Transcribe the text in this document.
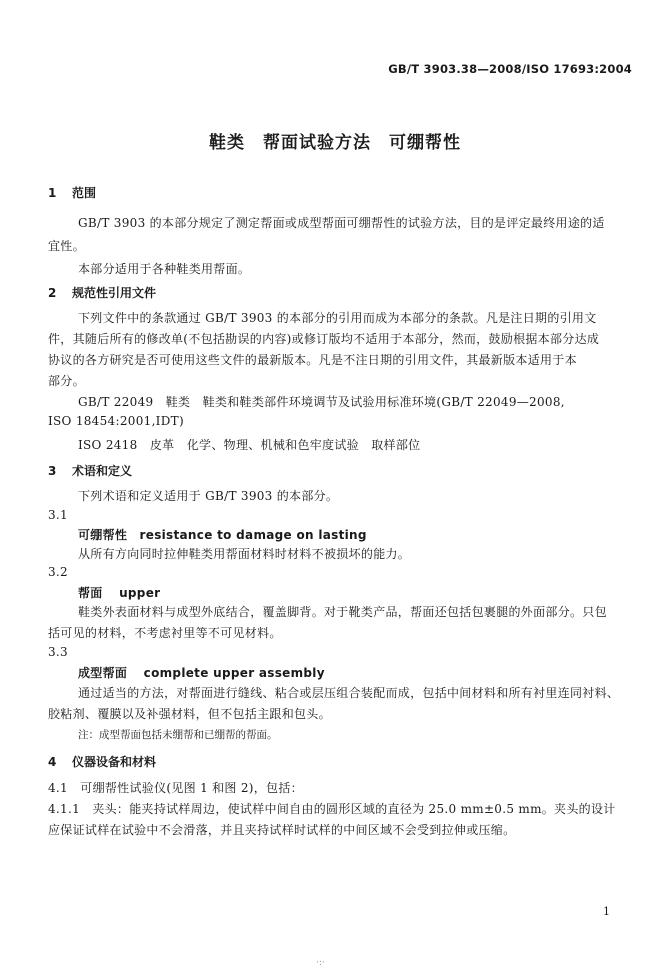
GB/T 3903.38—2008/ISO 17693:2004
鞋类　帮面试验方法　可绷帮性
1 范围
GB/T 3903 的本部分规定了测定帮面或成型帮面可绷帮性的试验方法，目的是评定最终用途的适
宜性。
本部分适用于各种鞋类用帮面。
2 规范性引用文件
下列文件中的条款通过 GB/T 3903 的本部分的引用而成为本部分的条款。凡是注日期的引用文
件，其随后所有的修改单(不包括勘误的内容)或修订版均不适用于本部分，然而，鼓励根据本部分达成
协议的各方研究是否可使用这些文件的最新版本。凡是不注日期的引用文件，其最新版本适用于本
部分。
GB/T 22049　鞋类　鞋类和鞋类部件环境调节及试验用标准环境(GB/T 22049—2008,
ISO 18454:2001,IDT)
ISO 2418　皮革　化学、物理、机械和色牢度试验　取样部位
3 术语和定义
下列术语和定义适用于 GB/T 3903 的本部分。
3.1
可绷帮性 resistance to damage on lasting
从所有方向同时拉伸鞋类用帮面材料时材料不被损坏的能力。
3.2
帮面 upper
鞋类外表面材料与成型外底结合，覆盖脚背。对于靴类产品，帮面还包括包裹腿的外面部分。只包
括可见的材料，不考虑衬里等不可见材料。
3.3
成型帮面 complete upper assembly
通过适当的方法，对帮面进行缝线、粘合或层压组合装配而成，包括中间材料和所有衬里连同衬料、
胶粘剂、覆膜以及补强材料，但不包括主跟和包头。
注：成型帮面包括未绷帮和已绷帮的帮面。
4 仪器设备和材料
4.1　可绷帮性试验仪(见图 1 和图 2)，包括：
4.1.1　夹头：能夹持试样周边，使试样中间自由的圆形区域的直径为 25.0 mm±0.5 mm。夹头的设计
应保证试样在试验中不会滑落，并且夹持试样时试样的中间区域不会受到拉伸或压缩。
1
·:·
